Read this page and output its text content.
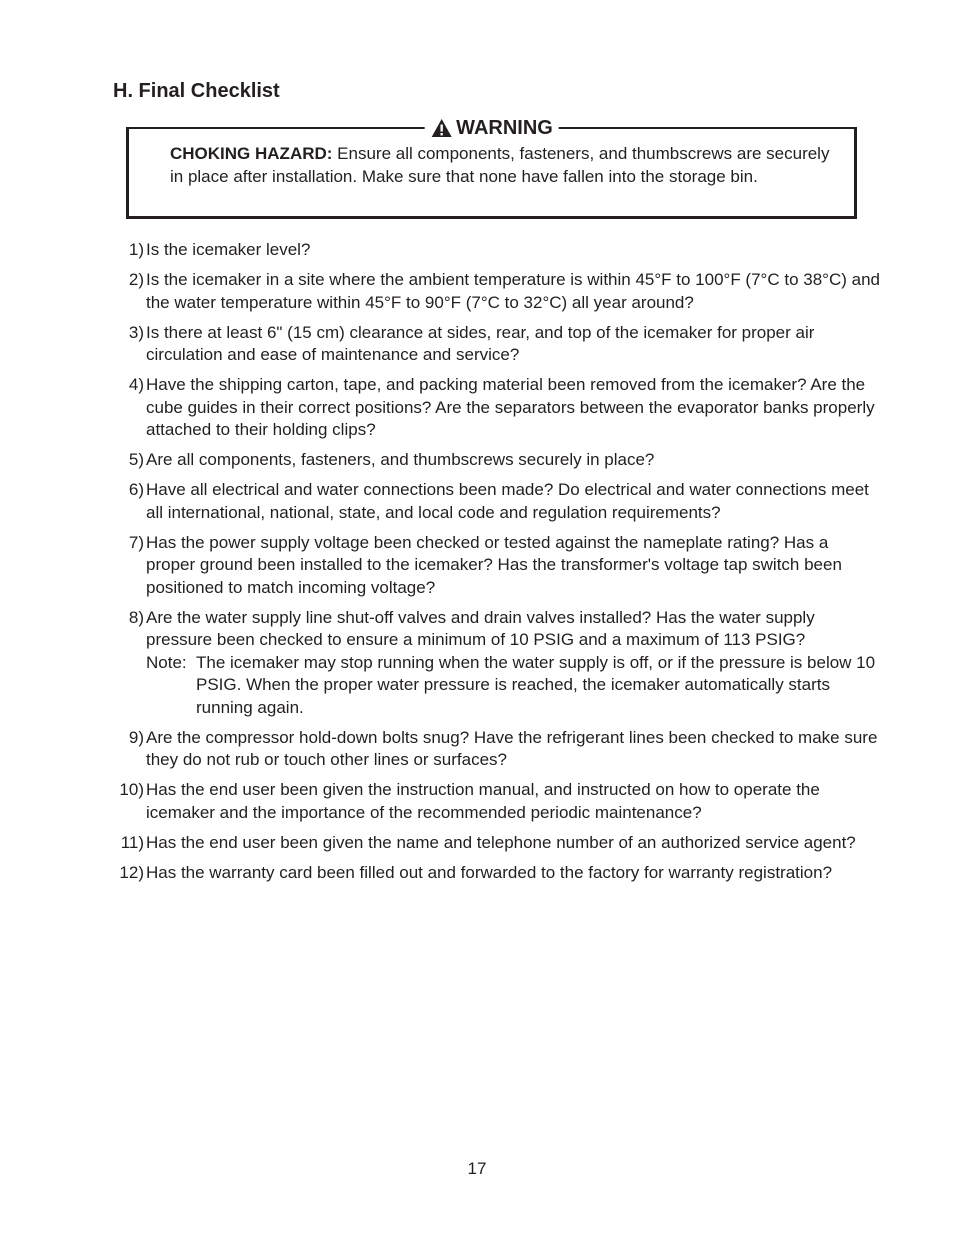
H. Final Checklist
WARNING

CHOKING HAZARD: Ensure all components, fasteners, and thumbscrews are securely in place after installation. Make sure that none have fallen into the storage bin.

1) Is the icemaker level?
2) Is the icemaker in a site where the ambient temperature is within 45°F to 100°F (7°C to 38°C) and the water temperature within 45°F to 90°F (7°C to 32°C) all year around?
3) Is there at least 6" (15 cm) clearance at sides, rear, and top of the icemaker for proper air circulation and ease of maintenance and service?
4) Have the shipping carton, tape, and packing material been removed from the icemaker? Are the cube guides in their correct positions? Are the separators between the evaporator banks properly attached to their holding clips?
5) Are all components, fasteners, and thumbscrews securely in place?
6) Have all electrical and water connections been made? Do electrical and water connections meet all international, national, state, and local code and regulation requirements?
7) Has the power supply voltage been checked or tested against the nameplate rating? Has a proper ground been installed to the icemaker? Has the transformer's voltage tap switch been positioned to match incoming voltage?
8) Are the water supply line shut-off valves and drain valves installed? Has the water supply pressure been checked to ensure a minimum of 10 PSIG and a maximum of 113 PSIG?
Note: The icemaker may stop running when the water supply is off, or if the pressure is below 10 PSIG. When the proper water pressure is reached, the icemaker automatically starts running again.
9) Are the compressor hold-down bolts snug? Have the refrigerant lines been checked to make sure they do not rub or touch other lines or surfaces?
10) Has the end user been given the instruction manual, and instructed on how to operate the icemaker and the importance of the recommended periodic maintenance?
11) Has the end user been given the name and telephone number of an authorized service agent?
12) Has the warranty card been filled out and forwarded to the factory for warranty registration?
17
